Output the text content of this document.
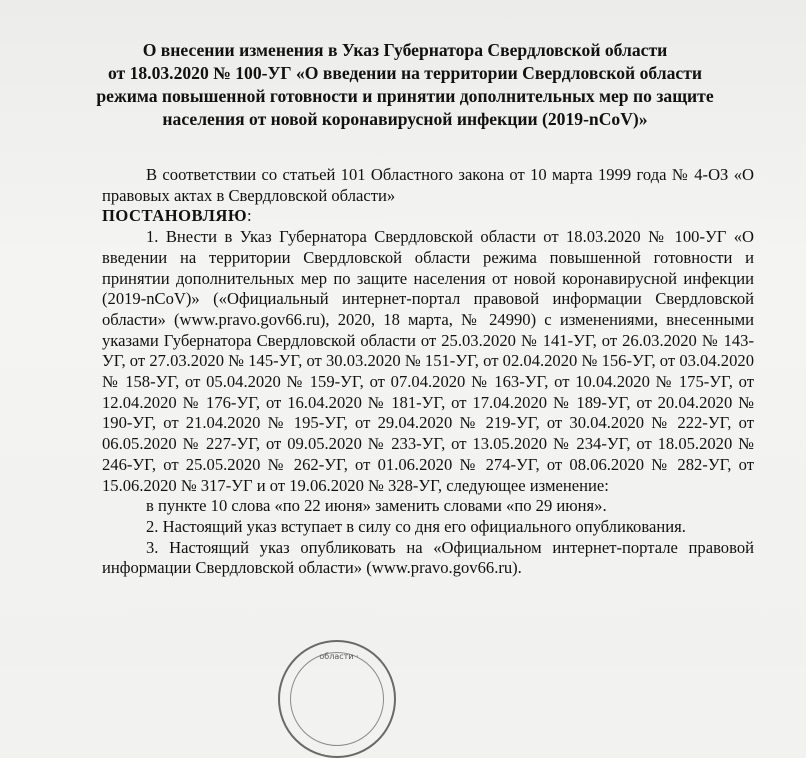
О внесении изменения в Указ Губернатора Свердловской области
от 18.03.2020 № 100-УГ «О введении на территории Свердловской области
режима повышенной готовности и принятии дополнительных мер по защите
населения от новой коронавирусной инфекции (2019-nCoV)»

В соответствии со статьей 101 Областного закона от 10 марта 1999 года № 4-ОЗ «О правовых актах в Свердловской области»

ПОСТАНОВЛЯЮ:

1. Внести в Указ Губернатора Свердловской области от 18.03.2020 № 100-УГ «О введении на территории Свердловской области режима повышенной готовности и принятии дополнительных мер по защите населения от новой коронавирусной инфекции (2019-nCoV)» («Официальный интернет-портал правовой информации Свердловской области» (www.pravo.gov66.ru), 2020, 18 марта, № 24990) с изменениями, внесенными указами Губернатора Свердловской области от 25.03.2020 № 141-УГ, от 26.03.2020 № 143-УГ, от 27.03.2020 № 145-УГ, от 30.03.2020 № 151-УГ, от 02.04.2020 № 156-УГ, от 03.04.2020 № 158-УГ, от 05.04.2020 № 159-УГ, от 07.04.2020 № 163-УГ, от 10.04.2020 № 175-УГ, от 12.04.2020 № 176-УГ, от 16.04.2020 № 181-УГ, от 17.04.2020 № 189-УГ, от 20.04.2020 № 190-УГ, от 21.04.2020 № 195-УГ, от 29.04.2020 № 219-УГ, от 30.04.2020 № 222-УГ, от 06.05.2020 № 227-УГ, от 09.05.2020 № 233-УГ, от 13.05.2020 № 234-УГ, от 18.05.2020 № 246-УГ, от 25.05.2020 № 262-УГ, от 01.06.2020 № 274-УГ, от 08.06.2020 № 282-УГ, от 15.06.2020 № 317-УГ и от 19.06.2020 № 328-УГ, следующее изменение:

в пункте 10 слова «по 22 июня» заменить словами «по 29 июня».

2. Настоящий указ вступает в силу со дня его официального опубликования.

3. Настоящий указ опубликовать на «Официальном интернет-портале правовой информации Свердловской области» (www.pravo.gov66.ru).

области ·
